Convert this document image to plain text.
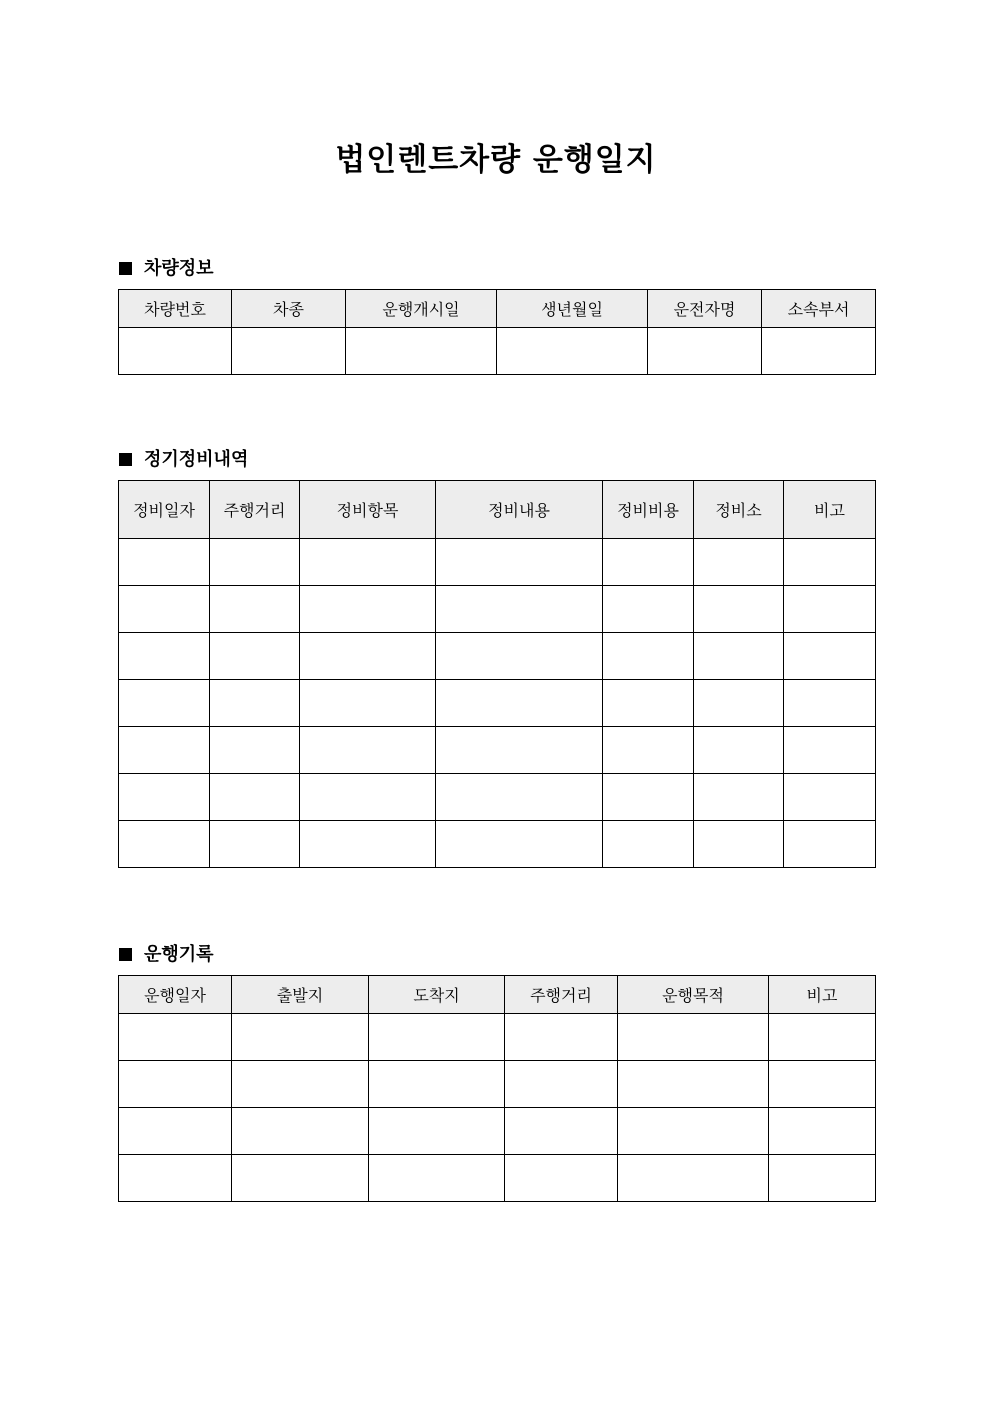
법인렌트차량 운행일지
차량정보
차량번호	차종	운행개시일	생년월일	운전자명	소속부서

정기정비내역
정비일자	주행거리	정비항목	정비내용	정비비용	정비소	비고

운행기록
운행일자	출발지	도착지	주행거리	운행목적	비고
